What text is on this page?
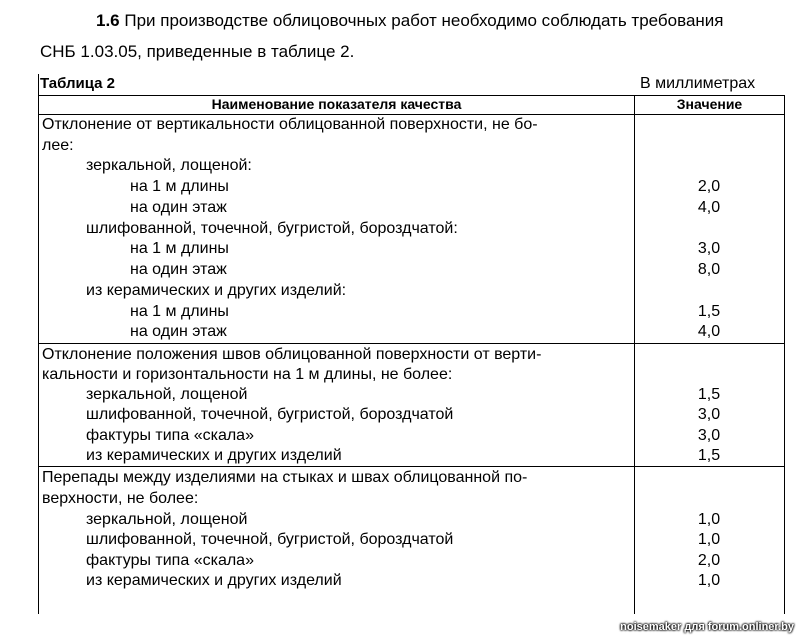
1.6 При производстве облицовочных работ необходимо соблюдать требования
СНБ 1.03.05, приведенные в таблице 2.
Таблица 2	В миллиметрах
Наименование показателя качества	Значение
Отклонение от вертикальности облицованной поверхности, не бо-
лее:
зеркальной, лощеной:
на 1 м длины	2,0
на один этаж	4,0
шлифованной, точечной, бугристой, бороздчатой:
на 1 м длины	3,0
на один этаж	8,0
из керамических и других изделий:
на 1 м длины	1,5
на один этаж	4,0
Отклонение положения швов облицованной поверхности от верти-
кальности и горизонтальности на 1 м длины, не более:
зеркальной, лощеной	1,5
шлифованной, точечной, бугристой, бороздчатой	3,0
фактуры типа «скала»	3,0
из керамических и других изделий	1,5
Перепады между изделиями на стыках и швах облицованной по-
верхности, не более:
зеркальной, лощеной	1,0
шлифованной, точечной, бугристой, бороздчатой	1,0
фактуры типа «скала»	2,0
из керамических и других изделий	1,0
noisemaker для forum.onliner.by
